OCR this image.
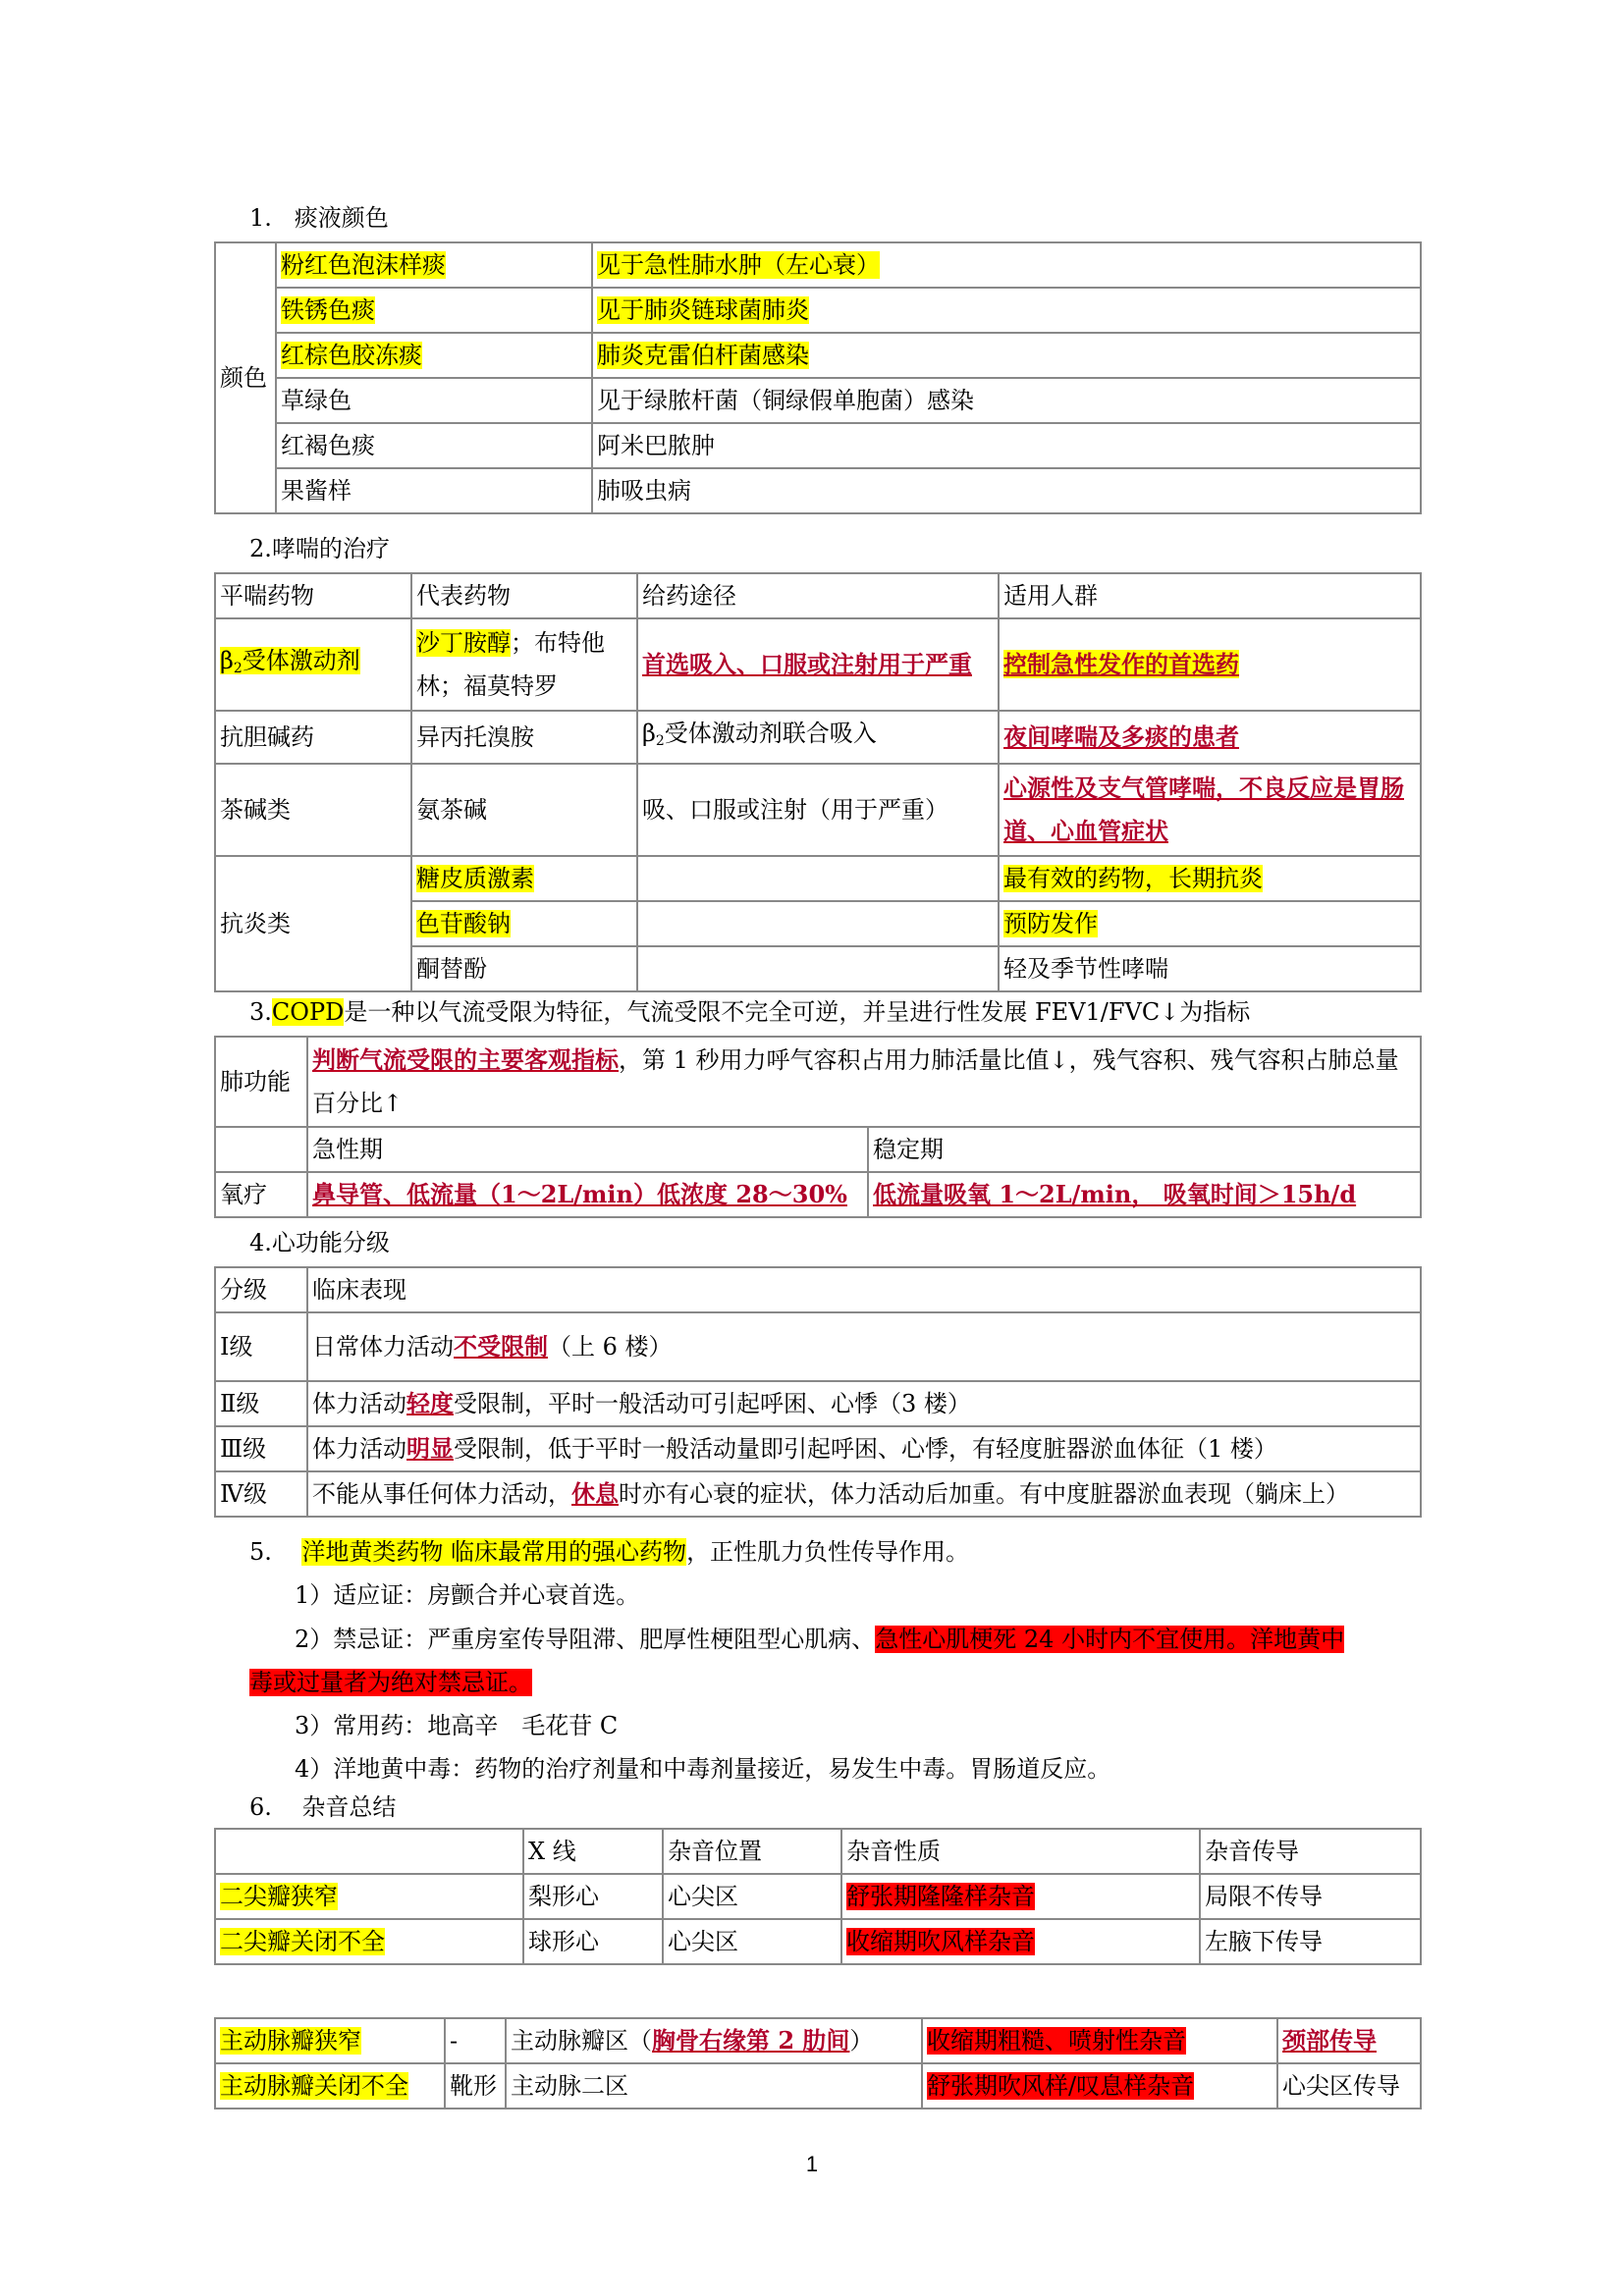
1. 痰液颜色
颜色	粉红色泡沫样痰	见于急性肺水肿（左心衰）
	铁锈色痰	见于肺炎链球菌肺炎
	红棕色胶冻痰	肺炎克雷伯杆菌感染
	草绿色	见于绿脓杆菌（铜绿假单胞菌）感染
	红褐色痰	阿米巴脓肿
	果酱样	肺吸虫病
2.哮喘的治疗
平喘药物	代表药物	给药途径	适用人群
$\beta_2$受体激动剂	沙丁胺醇；布特他林；福莫特罗	首选吸入、口服或注射用于严重	控制急性发作的首选药
抗胆碱药	异丙托溴胺	$\beta_2$受体激动剂联合吸入	夜间哮喘及多痰的患者
茶碱类	氨茶碱	吸、口服或注射（用于严重）	心源性及支气管哮喘，不良反应是胃肠道、心血管症状
抗炎类	糖皮质激素		最有效的药物，长期抗炎
	色苷酸钠		预防发作
	酮替酚		轻及季节性哮喘
3.COPD是一种以气流受限为特征，气流受限不完全可逆，并呈进行性发展 FEV1/FVC↓为指标
肺功能	判断气流受限的主要客观指标，第 1 秒用力呼气容积占用力肺活量比值↓，残气容积、残气容积占肺总量百分比↑	
	急性期	稳定期
氧疗	鼻导管、低流量（1～2L/min）低浓度 28～30%	低流量吸氧 1～2L/min， 吸氧时间＞15h/d
4.心功能分级
分级	临床表现
Ⅰ级	日常体力活动不受限制（上 6 楼）
Ⅱ级	体力活动轻度受限制，平时一般活动可引起呼困、心悸（3 楼）
Ⅲ级	体力活动明显受限制，低于平时一般活动量即引起呼困、心悸，有轻度脏器淤血体征（1 楼）
Ⅳ级	不能从事任何体力活动，休息时亦有心衰的症状，体力活动后加重。有中度脏器淤血表现（躺床上）
5. 洋地黄类药物 临床最常用的强心药物，正性肌力负性传导作用。
1）适应证：房颤合并心衰首选。
2）禁忌证：严重房室传导阻滞、肥厚性梗阻型心肌病、急性心肌梗死 24 小时内不宜使用。洋地黄中
毒或过量者为绝对禁忌证。
3）常用药：地高辛　毛花苷 C
4）洋地黄中毒：药物的治疗剂量和中毒剂量接近，易发生中毒。胃肠道反应。
6. 杂音总结
	X 线	杂音位置	杂音性质	杂音传导
二尖瓣狭窄	梨形心	心尖区	舒张期隆隆样杂音	局限不传导
二尖瓣关闭不全	球形心	心尖区	收缩期吹风样杂音	左腋下传导
主动脉瓣狭窄	-	主动脉瓣区（胸骨右缘第 2 肋间）	收缩期粗糙、喷射性杂音	颈部传导
主动脉瓣关闭不全	靴形	主动脉二区	舒张期吹风样/叹息样杂音	心尖区传导
1
